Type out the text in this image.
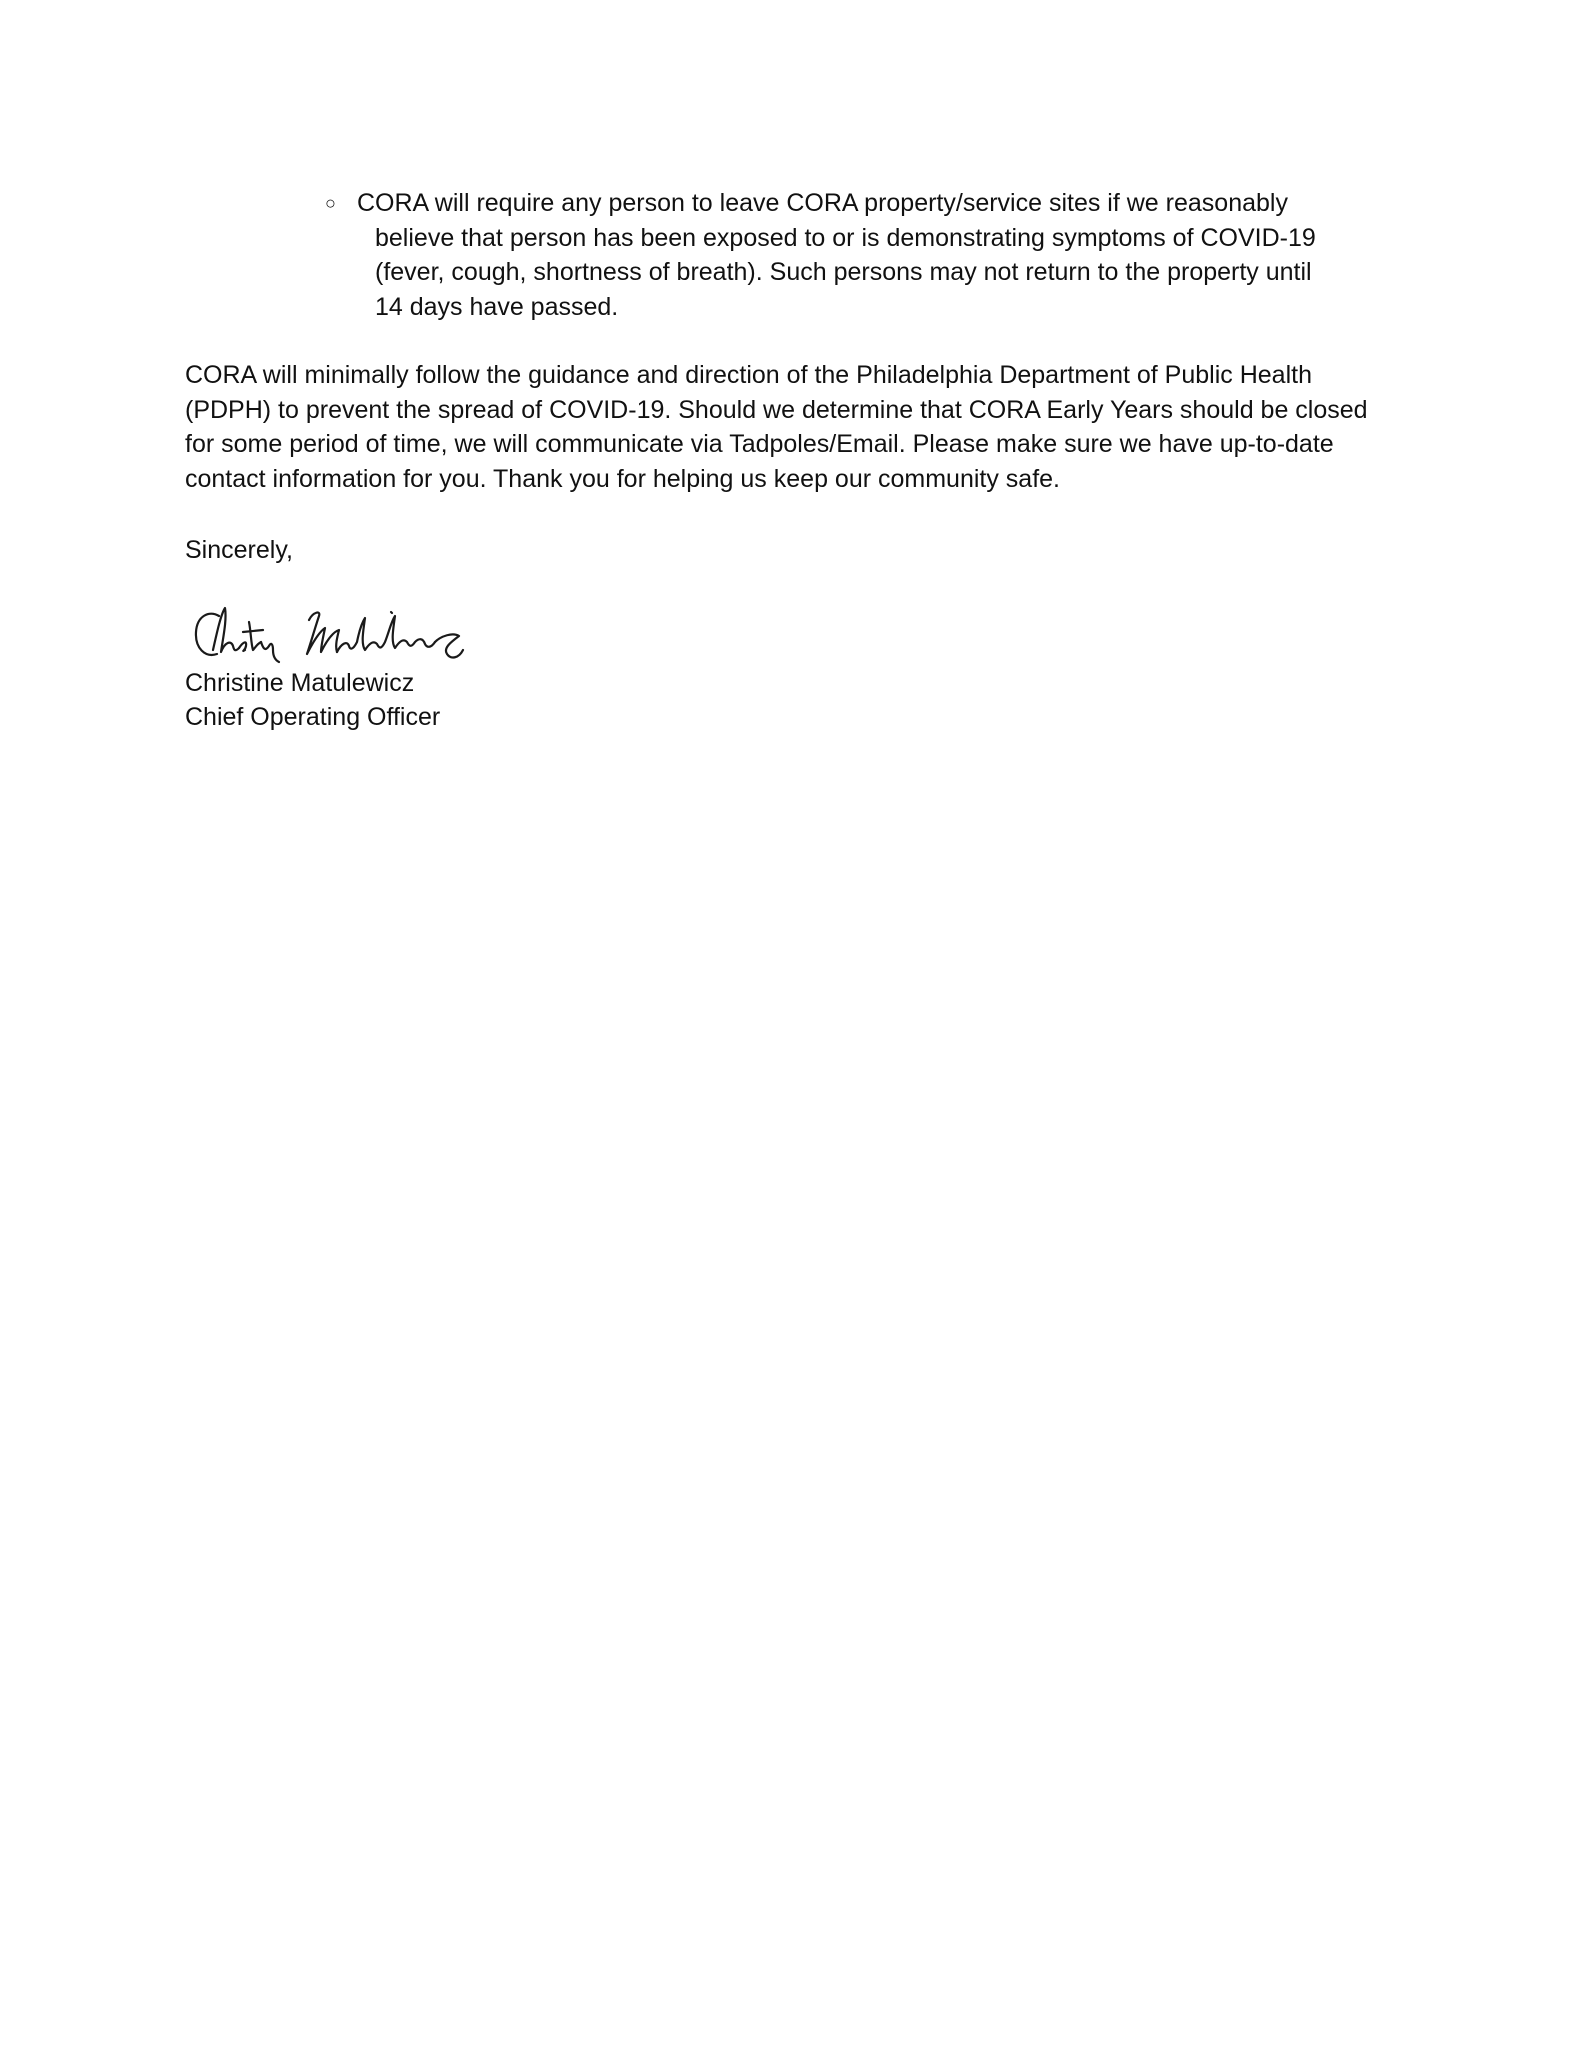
○ CORA will require any person to leave CORA property/service sites if we reasonably
believe that person has been exposed to or is demonstrating symptoms of COVID-19
(fever, cough, shortness of breath). Such persons may not return to the property until
14 days have passed.

CORA will minimally follow the guidance and direction of the Philadelphia Department of Public Health
(PDPH) to prevent the spread of COVID-19. Should we determine that CORA Early Years should be closed
for some period of time, we will communicate via Tadpoles/Email. Please make sure we have up-to-date
contact information for you. Thank you for helping us keep our community safe.

Sincerely,

Christine Matulewicz
Chief Operating Officer
